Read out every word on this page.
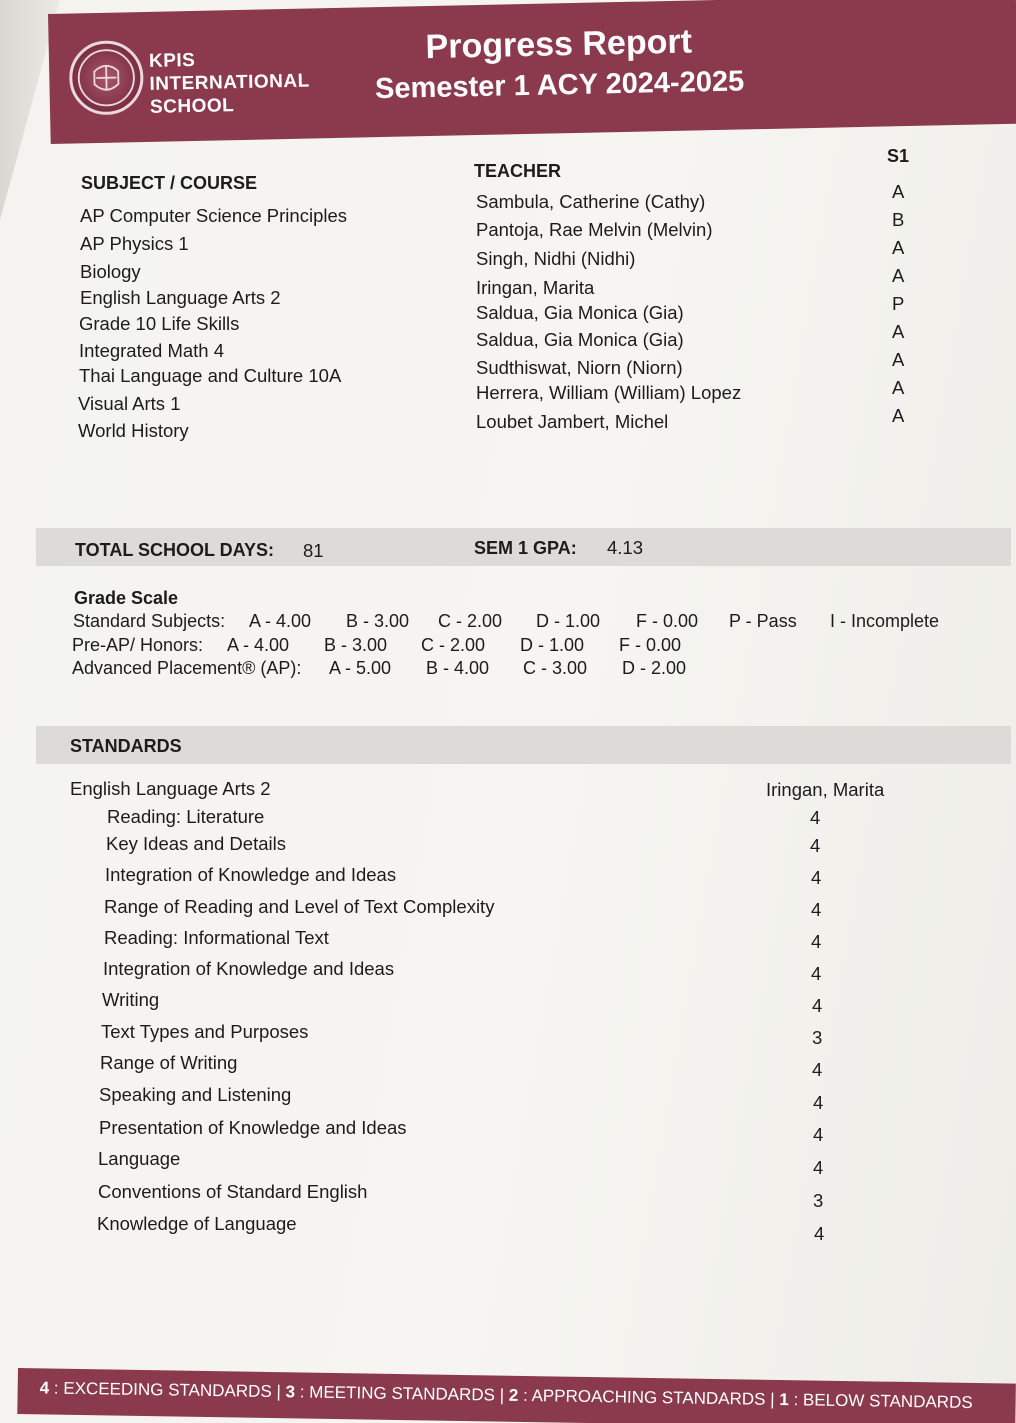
KPIS
INTERNATIONAL
SCHOOL
Progress Report
Semester 1 ACY 2024-2025
S1
TEACHER
SUBJECT / COURSE
AP Computer Science Principles
AP Physics 1
Biology
English Language Arts 2
Grade 10 Life Skills
Integrated Math 4
Thai Language and Culture 10A
Visual Arts 1
World History
Sambula, Catherine (Cathy)
Pantoja, Rae Melvin (Melvin)
Singh, Nidhi (Nidhi)
Iringan, Marita
Saldua, Gia Monica (Gia)
Saldua, Gia Monica (Gia)
Sudthiswat, Niorn (Niorn)
Herrera, William (William) Lopez
Loubet Jambert, Michel
A
B
A
A
P
A
A
A
A
TOTAL SCHOOL DAYS: 81	SEM 1 GPA: 4.13
Grade Scale
Standard Subjects: A - 4.00 B - 3.00 C - 2.00 D - 1.00 F - 0.00 P - Pass I - Incomplete
Pre-AP/ Honors: A - 4.00 B - 3.00 C - 2.00 D - 1.00 F - 0.00
Advanced Placement® (AP): A - 5.00 B - 4.00 C - 3.00 D - 2.00
STANDARDS
English Language Arts 2	Iringan, Marita
Reading: Literature
Key Ideas and Details
Integration of Knowledge and Ideas
Range of Reading and Level of Text Complexity
Reading: Informational Text
Integration of Knowledge and Ideas
Writing
Text Types and Purposes
Range of Writing
Speaking and Listening
Presentation of Knowledge and Ideas
Language
Conventions of Standard English
Knowledge of Language
4
4
4
4
4
4
4
3
4
4
4
4
3
4
4 : EXCEEDING STANDARDS | 3 : MEETING STANDARDS | 2 : APPROACHING STANDARDS | 1 : BELOW STANDARDS
